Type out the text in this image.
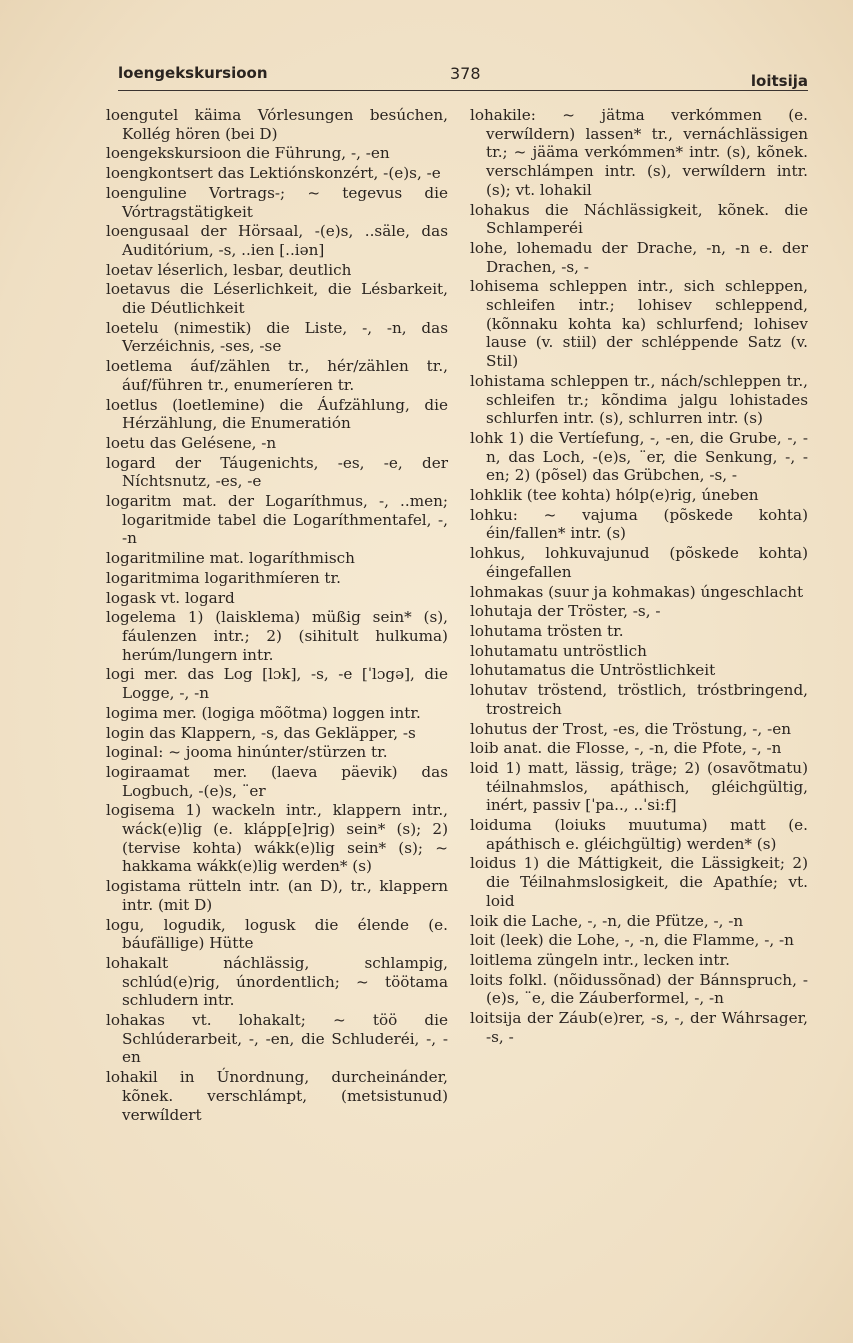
loengekskursioon	378	loitsija
loengutel käima Vórlesungen besúchen, Kollég hören (bei D)
loengekskursioon die Führung, -, -en
loengkontsert das Lektiónskonzért, -(e)s, -e
loenguline Vortrags-; ~ tegevus die Vórtragstätigkeit
loengusaal der Hörsaal, -(e)s, ..säle, das Auditórium, -s, ..ien [..iən]
loetav léserlich, lesbar, deutlich
loetavus die Léserlichkeit, die Lésbarkeit, die Déutlichkeit
loetelu (nimestik) die Liste, -, -n, das Verzéichnis, -ses, -se
loetlema áuf/zählen tr., hér/zählen tr., áuf/führen tr., enumeríeren tr.
loetlus (loetlemine) die Áufzählung, die Hérzählung, die Enumeratión
loetu das Gelésene, -n
logard der Táugenichts, -es, -e, der Níchtsnutz, -es, -e
logaritm mat. der Logaríthmus, -, ..men; logaritmide tabel die Logaríthmentafel, -, -n
logaritmiline mat. logaríthmisch
logaritmima logarithmíeren tr.
logask vt. logard
logelema 1) (laisklema) müßig sein* (s), fáulenzen intr.; 2) (sihitult hulkuma) herúm/lungern intr.
logi mer. das Log [lɔk], -s, -e [ˈlɔgə], die Logge, -, -n
logima mer. (logiga mõõtma) loggen intr.
login das Klappern, -s, das Gekläpper, -s
loginal: ~ jooma hinúnter/stürzen tr.
logiraamat mer. (laeva päevik) das Logbuch, -(e)s, ¨er
logisema 1) wackeln intr., klappern intr., wáck(e)lig (e. klápp[e]rig) sein* (s); 2) (tervise kohta) wákk(e)lig sein* (s); ~ hakkama wákk(e)lig werden* (s)
logistama rütteln intr. (an D), tr., klappern intr. (mit D)
logu, logudik, logusk die élende (e. báufällige) Hütte
lohakalt náchlässig, schlampig, schlúd(e)rig, únordentlich; ~ töötama schludern intr.
lohakas vt. lohakalt; ~ töö die Schlúderarbeit, -, -en, die Schluderéi, -, -en
lohakil in Únordnung, durcheinánder, kõnek. verschlámpt, (metsistunud) verwíldert
lohakile: ~ jätma verkómmen (e. verwíldern) lassen* tr., vernáchlässigen tr.; ~ jääma verkómmen* intr. (s), kõnek. verschlámpen intr. (s), verwíldern intr. (s); vt. lohakil
lohakus die Náchlässigkeit, kõnek. die Schlamperéi
lohe, lohemadu der Drache, -n, -n e. der Drachen, -s, -
lohisema schleppen intr., sich schleppen, schleifen intr.; lohisev schleppend, (kõnnaku kohta ka) schlurfend; lohisev lause (v. stiil) der schléppende Satz (v. Stil)
lohistama schleppen tr., nách/schleppen tr., schleifen tr.; kõndima jalgu lohistades schlurfen intr. (s), schlurren intr. (s)
lohk 1) die Vertíefung, -, -en, die Grube, -, -n, das Loch, -(e)s, ¨er, die Senkung, -, -en; 2) (põsel) das Grübchen, -s, -
lohklik (tee kohta) hólp(e)rig, úneben
lohku: ~ vajuma (põskede kohta) éin/fallen* intr. (s)
lohkus, lohkuvajunud (põskede kohta) éingefallen
lohmakas (suur ja kohmakas) úngeschlacht
lohutaja der Tröster, -s, -
lohutama trösten tr.
lohutamatu untröstlich
lohutamatus die Untröstlichkeit
lohutav tröstend, tröstlich, tróstbringend, trostreich
lohutus der Trost, -es, die Tröstung, -, -en
loib anat. die Flosse, -, -n, die Pfote, -, -n
loid 1) matt, lässig, träge; 2) (osavõtmatu) téilnahmslos, apáthisch, gléichgültig, inért, passiv [ˈpa.., ..ˈsi:f]
loiduma (loiuks muutuma) matt (e. apáthisch e. gléichgültig) werden* (s)
loidus 1) die Máttigkeit, die Lässigkeit; 2) die Téilnahmslosigkeit, die Apathíe; vt. loid
loik die Lache, -, -n, die Pfütze, -, -n
loit (leek) die Lohe, -, -n, die Flamme, -, -n
loitlema züngeln intr., lecken intr.
loits folkl. (nõidussõnad) der Bánnspruch, -(e)s, ¨e, die Záuberformel, -, -n
loitsija der Záub(e)rer, -s, -, der Wáhrsager, -s, -
